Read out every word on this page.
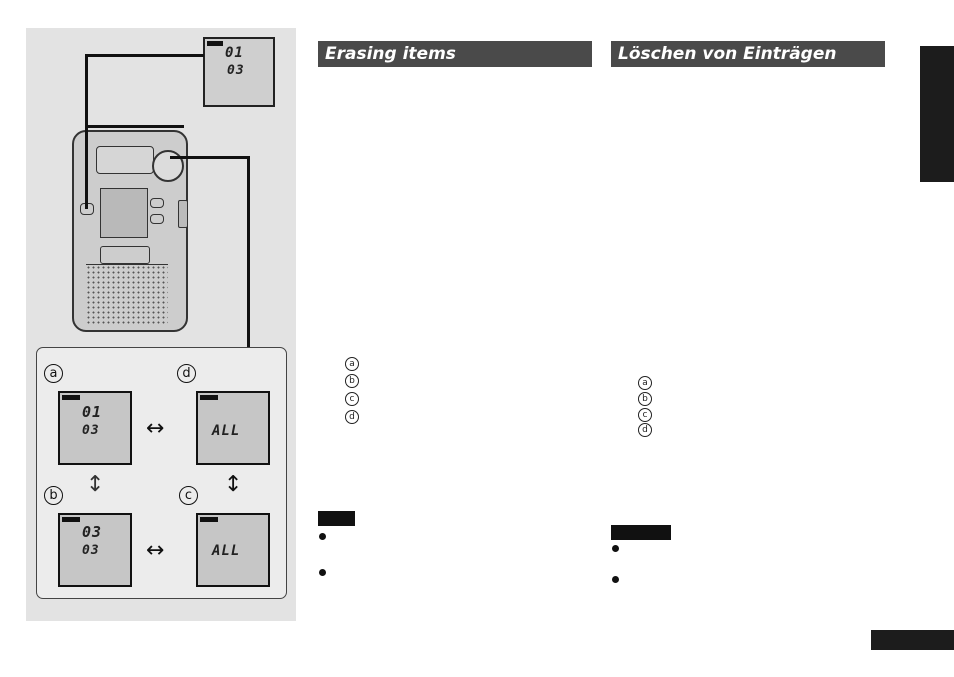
01
03
a
01
03
d
ALL
b
03
03
c
ALL
↔
↔
↕
↕
Erasing items
a
b
c
d
Löschen von Einträgen
a
b
c
d
